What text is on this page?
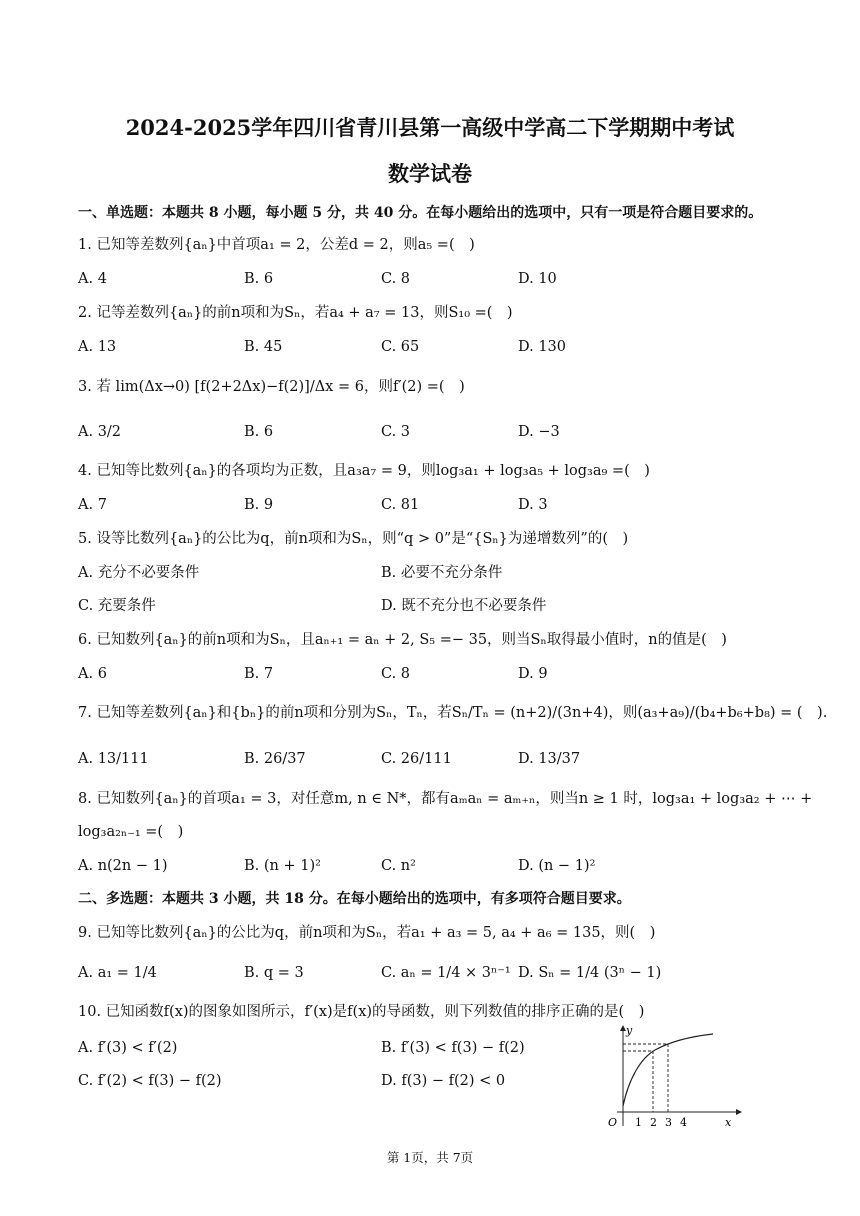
2024-2025学年四川省青川县第一高级中学高二下学期期中考试
数学试卷
一、单选题：本题共 8 小题，每小题 5 分，共 40 分。在每小题给出的选项中，只有一项是符合题目要求的。
1. 已知等差数列{aₙ}中首项a₁ = 2，公差d = 2，则a₅ =(　)
A. 4	B. 6	C. 8	D. 10
2. 记等差数列{aₙ}的前n项和为Sₙ，若a₄ + a₇ = 13，则S₁₀ =(　)
A. 13	B. 45	C. 65	D. 130
3. 若 lim(Δx→0) [f(2+2Δx)−f(2)]/Δx = 6，则f′(2) =(　)
A. 3/2	B. 6	C. 3	D. −3
4. 已知等比数列{aₙ}的各项均为正数，且a₃a₇ = 9，则log₃a₁ + log₃a₅ + log₃a₉ =(　)
A. 7	B. 9	C. 81	D. 3
5. 设等比数列{aₙ}的公比为q，前n项和为Sₙ，则“q > 0”是“{Sₙ}为递增数列”的(　)
A. 充分不必要条件	B. 必要不充分条件
C. 充要条件	D. 既不充分也不必要条件
6. 已知数列{aₙ}的前n项和为Sₙ，且aₙ₊₁ = aₙ + 2, S₅ =− 35，则当Sₙ取得最小值时，n的值是(　)
A. 6	B. 7	C. 8	D. 9
7. 已知等差数列{aₙ}和{bₙ}的前n项和分别为Sₙ，Tₙ，若Sₙ/Tₙ = (n+2)/(3n+4)，则(a₃+a₉)/(b₄+b₆+b₈) = (　).
A. 13/111	B. 26/37	C. 26/111	D. 13/37
8. 已知数列{aₙ}的首项a₁ = 3，对任意m, n ∈ N*，都有aₘaₙ = aₘ₊ₙ，则当n ≥ 1 时，log₃a₁ + log₃a₂ + ⋯ +
log₃a₂ₙ₋₁ =(　)
A. n(2n − 1)	B. (n + 1)²	C. n²	D. (n − 1)²
二、多选题：本题共 3 小题，共 18 分。在每小题给出的选项中，有多项符合题目要求。
9. 已知等比数列{aₙ}的公比为q，前n项和为Sₙ，若a₁ + a₃ = 5, a₄ + a₆ = 135，则(　)
A. a₁ = 1/4	B. q = 3	C. aₙ = 1/4 × 3ⁿ⁻¹ D. Sₙ = 1/4 (3ⁿ − 1)
10. 已知函数f(x)的图象如图所示，f′(x)是f(x)的导函数，则下列数值的排序正确的是(　)
A. f′(3) < f′(2)	B. f′(3) < f(3) − f(2)
C. f′(2) < f(3) − f(2)	D. f(3) − f(2) < 0
y
x
O 1 2 3 4
第 1页，共 7页
